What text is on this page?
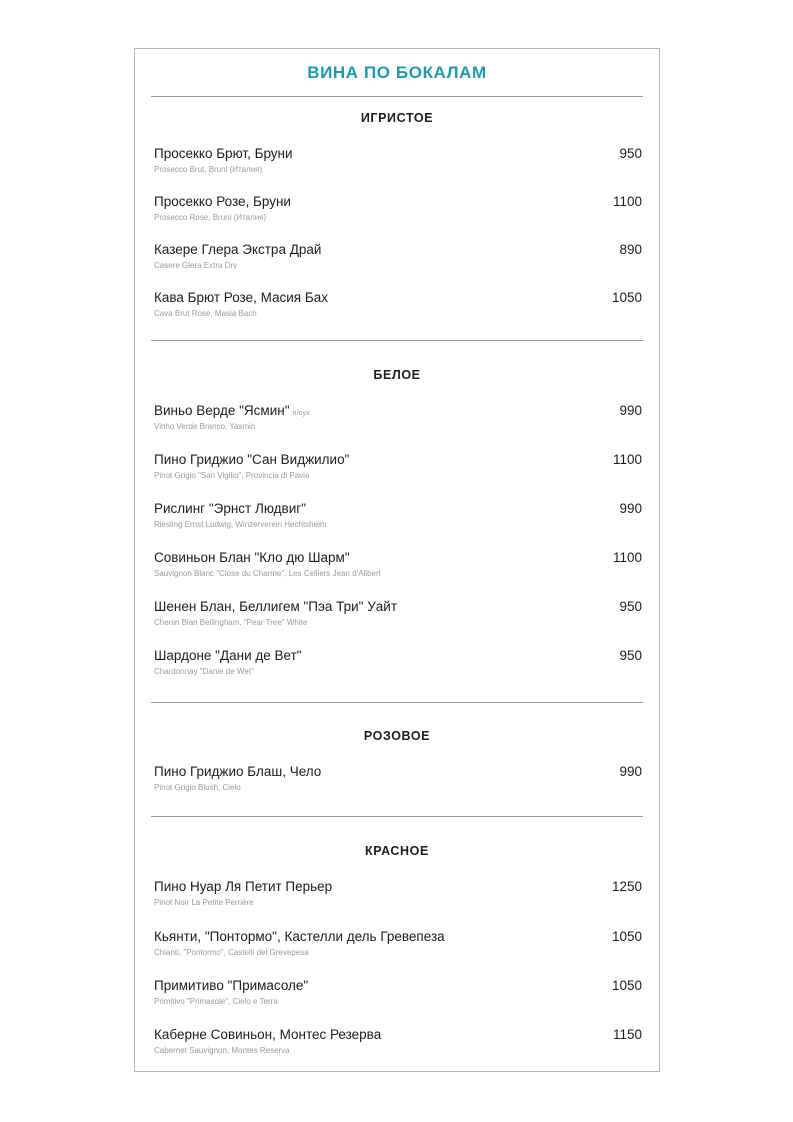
ВИНА ПО БОКАЛАМ
ИГРИСТОЕ
Просекко Брют, Бруни
Prosecco Brut, Bruni (Италия)
950
Просекко Розе, Бруни
Prosecco Rose, Bruni (Италия)
1100
Казере Глера Экстра Драй
Casere Glera Extra Dry
890
Кава Брют Розе, Масия Бах
Cava Brut Rose, Masia Bach
1050
БЕЛОЕ
Виньо Верде "Ясмин" п/сух
Vinho Verde Branco, Yasmin
990
Пино Гриджио "Сан Виджилио"
Pinot Grigio "San Vigilio", Provincia di Pavia
1100
Рислинг "Эрнст Людвиг"
Riesling Ernst Ludwig, Winzerverein Hechtsheim
990
Совиньон Блан "Кло дю Шарм"
Sauvignon Blanc "Close du Charme", Les Celliers Jean d'Alibert
1100
Шенен Блан, Беллигем "Пэа Три" Уайт
Chenin Blan Bellingham, "Pear Tree" White
950
Шардоне "Дани де Вет"
Chardonnay "Danie de Wet"
950
РОЗОВОЕ
Пино Гриджио Блаш, Чело
Pinot Grigio Blush, Cielo
990
КРАСНОЕ
Пино Нуар Ля Петит Перьер
Pinot Noir La Petite Perrière
1250
Кьянти, "Понтормо", Кастелли дель Гревепеза
Chianti, "Pontormo", Castelli del Grevepesa
1050
Примитиво "Примасоле"
Primitivo "Primasole", Cielo e Terra
1050
Каберне Совиньон, Монтес Резерва
Cabernet Sauvignon, Montes Reserva
1150
